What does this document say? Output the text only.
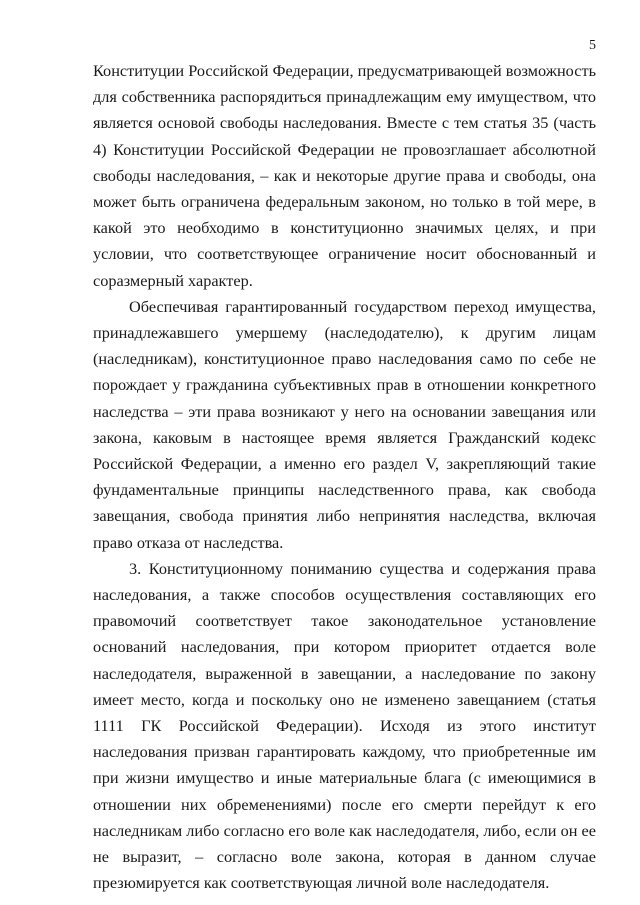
5

Конституции Российской Федерации, предусматривающей возможность для собственника распорядиться принадлежащим ему имуществом, что является основой свободы наследования. Вместе с тем статья 35 (часть 4) Конституции Российской Федерации не провозглашает абсолютной свободы наследования, – как и некоторые другие права и свободы, она может быть ограничена федеральным законом, но только в той мере, в какой это необходимо в конституционно значимых целях, и при условии, что соответствующее ограничение носит обоснованный и соразмерный характер.

Обеспечивая гарантированный государством переход имущества, принадлежавшего умершему (наследодателю), к другим лицам (наследникам), конституционное право наследования само по себе не порождает у гражданина субъективных прав в отношении конкретного наследства – эти права возникают у него на основании завещания или закона, каковым в настоящее время является Гражданский кодекс Российской Федерации, а именно его раздел V, закрепляющий такие фундаментальные принципы наследственного права, как свобода завещания, свобода принятия либо непринятия наследства, включая право отказа от наследства.

3. Конституционному пониманию существа и содержания права наследования, а также способов осуществления составляющих его правомочий соответствует такое законодательное установление оснований наследования, при котором приоритет отдается воле наследодателя, выраженной в завещании, а наследование по закону имеет место, когда и поскольку оно не изменено завещанием (статья 1111 ГК Российской Федерации). Исходя из этого институт наследования призван гарантировать каждому, что приобретенные им при жизни имущество и иные материальные блага (с имеющимися в отношении них обременениями) после его смерти перейдут к его наследникам либо согласно его воле как наследодателя, либо, если он ее не выразит, – согласно воле закона, которая в данном случае презюмируется как соответствующая личной воле наследодателя.
